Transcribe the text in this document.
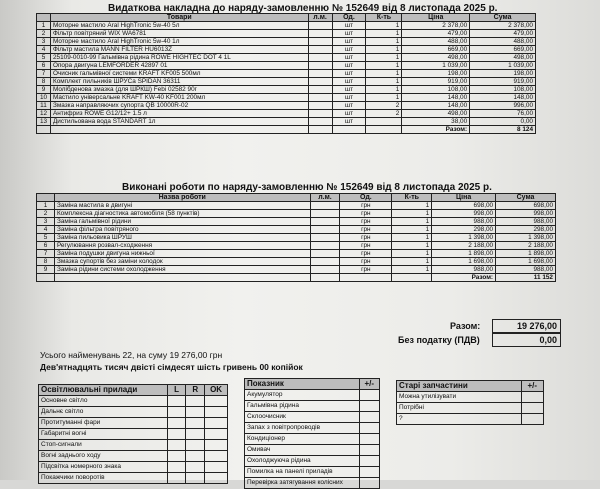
Видаткова накладна до наряду-замовленню № 152649 від 8 листопада 2025 р.
	Товари	л.м.	Од.	К-ть	Ціна	Сума
1	Моторне мастило Aral HighTronic 5w-40 5л		шт	1	2 378,00	2 378,00
2	Фільтр повітряний WIX WA6781		шт	1	479,00	479,00
3	Моторне мастило Aral HighTronic 5w-40 1л		шт	1	488,00	488,00
4	Фільтр мастила MANN FILTER HU6013Z		шт	1	669,00	669,00
5	25109-0010-99 Гальмівна рідина ROWE HIGHTEC DOT 4 1L		шт	1	498,00	498,00
6	Опора двигуна LEMFORDER 42897 01		шт	1	1 039,00	1 039,00
7	Очисник гальмівної системи KRAFT KF005 500мл		шт	1	198,00	198,00
8	Комплект пильників ШРУСа SPIDAN 36311		шт	1	919,00	919,00
9	Молібденова змазка (для ШРКШ) Febi 02582 90г		шт	1	108,00	108,00
10	Мастило універсальне KRAFT KW-40 KF001 200мл		шт	1	148,00	148,00
11	Змазка направляючих супорта QB 10000R-02		шт	2	148,00	996,00
12	Антифриз ROWE G12/12+ 1.5 л		шт	2	498,00	76,00
13	Дистильована вода STANDART 1л		шт		38,00	0,00
					Разом:	8 124
Виконані роботи по наряду-замовленню № 152649 від 8 листопада 2025 р.
	Назва роботи	л.м.	Од.	К-ть	Ціна	Сума
1	Заміна мастила в двигуні		грн	1	698,00	698,00
2	Комплексна діагностика автомобіля (58 пунктів)		грн	1	998,00	998,00
3	Заміна гальмівної рідини		грн	1	988,00	988,00
4	Заміна фільтра повітряного		грн	1	298,00	298,00
5	Заміна пильовика ШРУШ		грн	1	1 398,00	1 398,00
6	Регулювання розвал-сходження		грн	1	2 188,00	2 188,00
7	Заміна подушки двигуна нижньої		грн	1	1 898,00	1 898,00
8	Змазка супортів без заміни колодок		грн	1	1 698,00	1 698,00
9	Заміна рідини системи охолодження		грн	1	988,00	988,00
					Разом:	11 152
Разом:	19 276,00
Без податку (ПДВ)	0,00
Усього найменувань 22, на суму 19 276,00 грн
Дев'ятнадцять тисяч двісті сімдесят шість гривень 00 копійок
Освітлювальні прилади	L	R	OK
Основне світло			
Дальнє світло			
Протитуманні фари			
Габаритні вогні			
Стоп-сигнали			
Вогні заднього ходу			
Підсвітка номерного знака			
Покажчики поворотів			
Показник	+/-
Акумулятор	
Гальмівна рідина	
Склоочисник	
Запах з повітропроводів	
Кондиціонер	
Омивач	
Охолоджуюча рідина	
Помилка на панелі приладів	
Перевірка затягування колісних	
Старі запчастини	+/-
Можна утилізувати	
Потрібні	
?	
